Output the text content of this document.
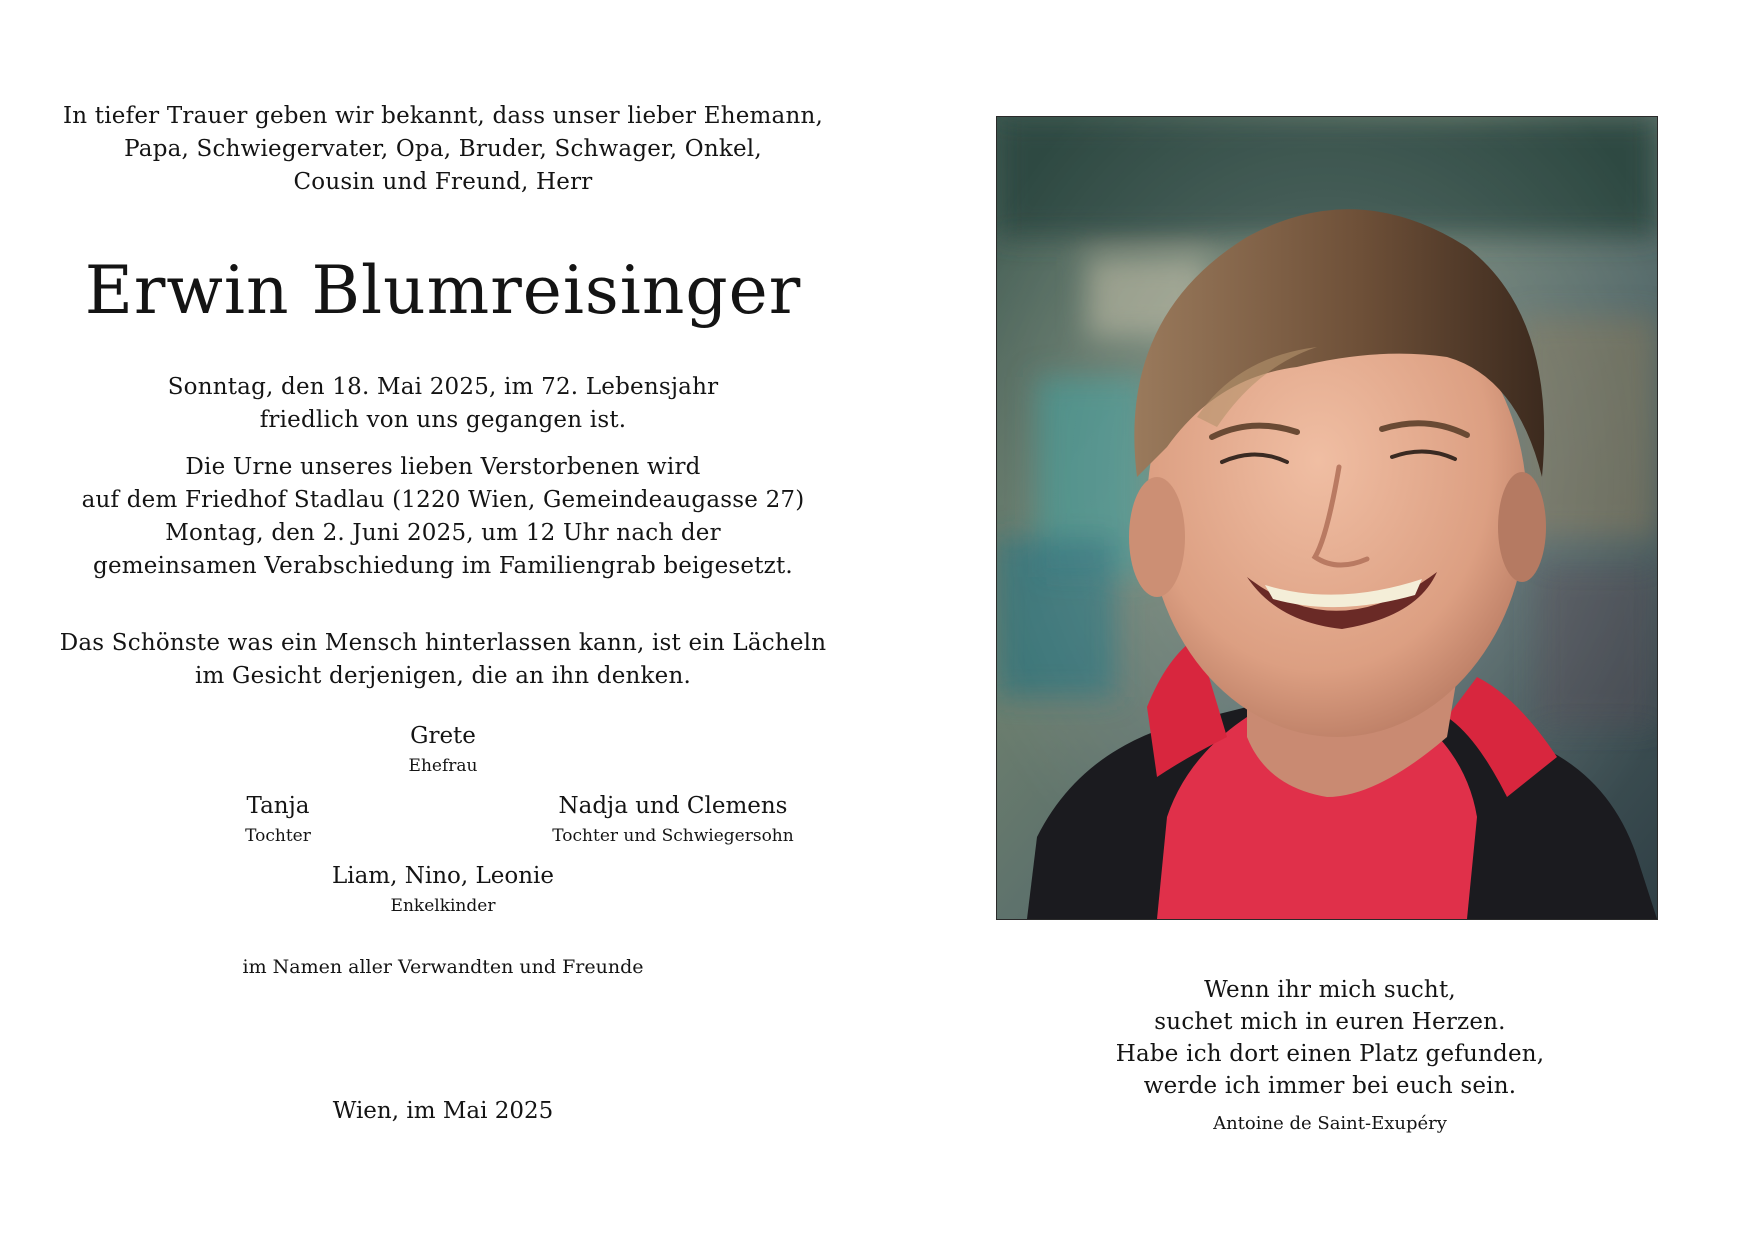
In tiefer Trauer geben wir bekannt, dass unser lieber Ehemann,
Papa, Schwiegervater, Opa, Bruder, Schwager, Onkel,
Cousin und Freund, Herr
Erwin Blumreisinger
Sonntag, den 18. Mai 2025, im 72. Lebensjahr
friedlich von uns gegangen ist.
Die Urne unseres lieben Verstorbenen wird
auf dem Friedhof Stadlau (1220 Wien, Gemeindeaugasse 27)
Montag, den 2. Juni 2025, um 12 Uhr nach der
gemeinsamen Verabschiedung im Familiengrab beigesetzt.
Das Schönste was ein Mensch hinterlassen kann, ist ein Lächeln
im Gesicht derjenigen, die an ihn denken.
Grete
Ehefrau
Tanja
Tochter
Nadja und Clemens
Tochter und Schwiegersohn
Liam, Nino, Leonie
Enkelkinder
im Namen aller Verwandten und Freunde
Wien, im Mai 2025
Wenn ihr mich sucht,
suchet mich in euren Herzen.
Habe ich dort einen Platz gefunden,
werde ich immer bei euch sein.
Antoine de Saint-Exupéry
